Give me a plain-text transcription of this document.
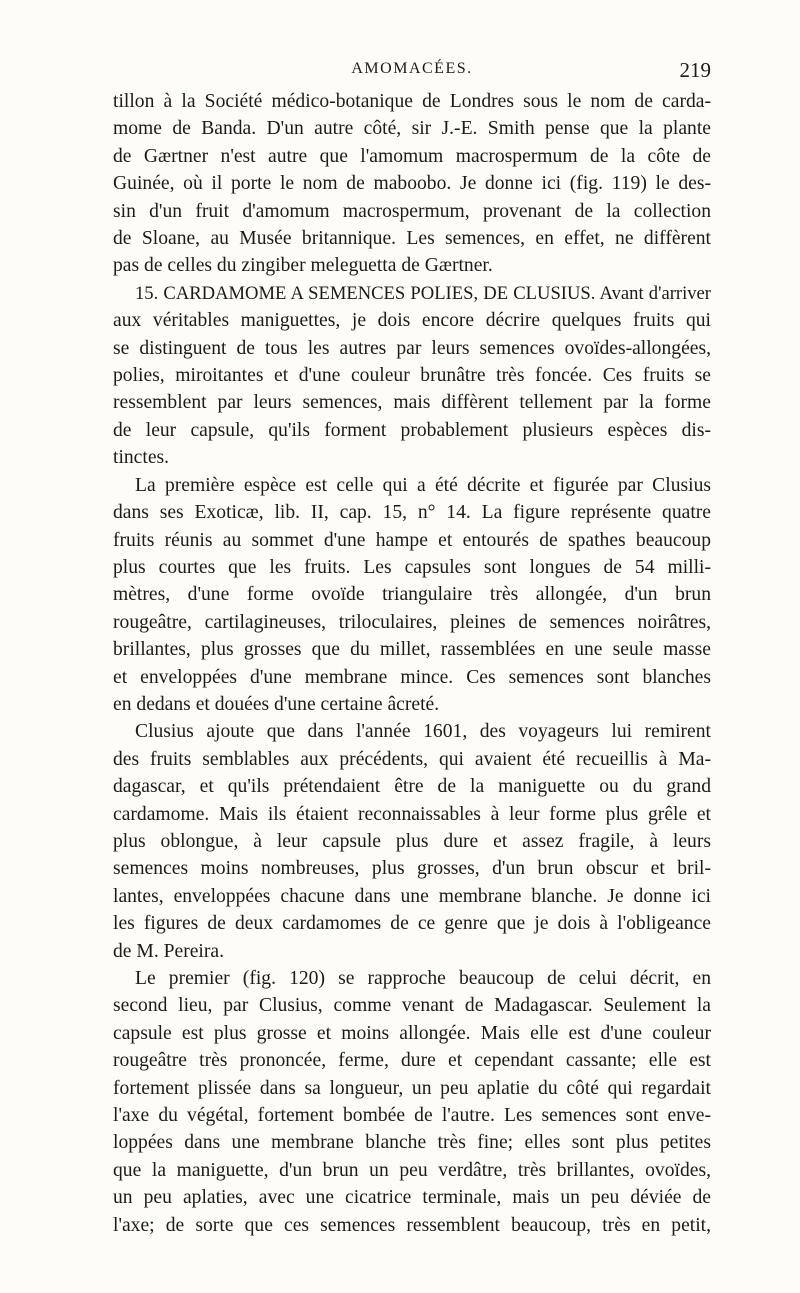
AMOMACÉES.	219

tillon à la Société médico-botanique de Londres sous le nom de cardа-
mome de Banda. D'un autre côté, sir J.-E. Smith pense que la plante
de Gærtner n'est autre que l'amomum macrospermum de la côte de
Guinée, où il porte le nom de maboobo. Je donne ici (fig. 119) le des-
sin d'un fruit d'amomum macrospermum, provenant de la collection
de Sloane, au Musée britannique. Les semences, en effet, ne diffèrent
pas de celles du zingiber meleguetta de Gærtner.

15. CARDAMOME A SEMENCES POLIES, DE CLUSIUS. Avant d'arriver
aux véritables maniguettes, je dois encore décrire quelques fruits qui
se distinguent de tous les autres par leurs semences ovoïdes-allongées,
polies, miroitantes et d'une couleur brunâtre très foncée. Ces fruits se
ressemblent par leurs semences, mais diffèrent tellement par la forme
de leur capsule, qu'ils forment probablement plusieurs espèces dis-
tinctes.

La première espèce est celle qui a été décrite et figurée par Clusius
dans ses Exoticæ, lib. II, cap. 15, n° 14. La figure représente quatre
fruits réunis au sommet d'une hampe et entourés de spathes beaucoup
plus courtes que les fruits. Les capsules sont longues de 54 milli-
mètres, d'une forme ovoïde triangulaire très allongée, d'un brun
rougeâtre, cartilagineuses, triloculaires, pleines de semences noirâtres,
brillantes, plus grosses que du millet, rassemblées en une seule masse
et enveloppées d'une membrane mince. Ces semences sont blanches
en dedans et douées d'une certaine âcreté.

Clusius ajoute que dans l'année 1601, des voyageurs lui remirent
des fruits semblables aux précédents, qui avaient été recueillis à Ma-
dagascar, et qu'ils prétendaient être de la maniguette ou du grand
cardamome. Mais ils étaient reconnaissables à leur forme plus grêle et
plus oblongue, à leur capsule plus dure et assez fragile, à leurs
semences moins nombreuses, plus grosses, d'un brun obscur et bril-
lantes, enveloppées chacune dans une membrane blanche. Je donne ici
les figures de deux cardamomes de ce genre que je dois à l'obligeance
de M. Pereira.

Le premier (fig. 120) se rapproche beaucoup de celui décrit, en
second lieu, par Clusius, comme venant de Madagascar. Seulement la
capsule est plus grosse et moins allongée. Mais elle est d'une couleur
rougeâtre très prononcée, ferme, dure et cependant cassante; elle est
fortement plissée dans sa longueur, un peu aplatie du côté qui regardait
l'axe du végétal, fortement bombée de l'autre. Les semences sont enve-
loppées dans une membrane blanche très fine; elles sont plus petites
que la maniguette, d'un brun un peu verdâtre, très brillantes, ovoïdes,
un peu aplaties, avec une cicatrice terminale, mais un peu déviée de
l'axe; de sorte que ces semences ressemblent beaucoup, très en petit,
